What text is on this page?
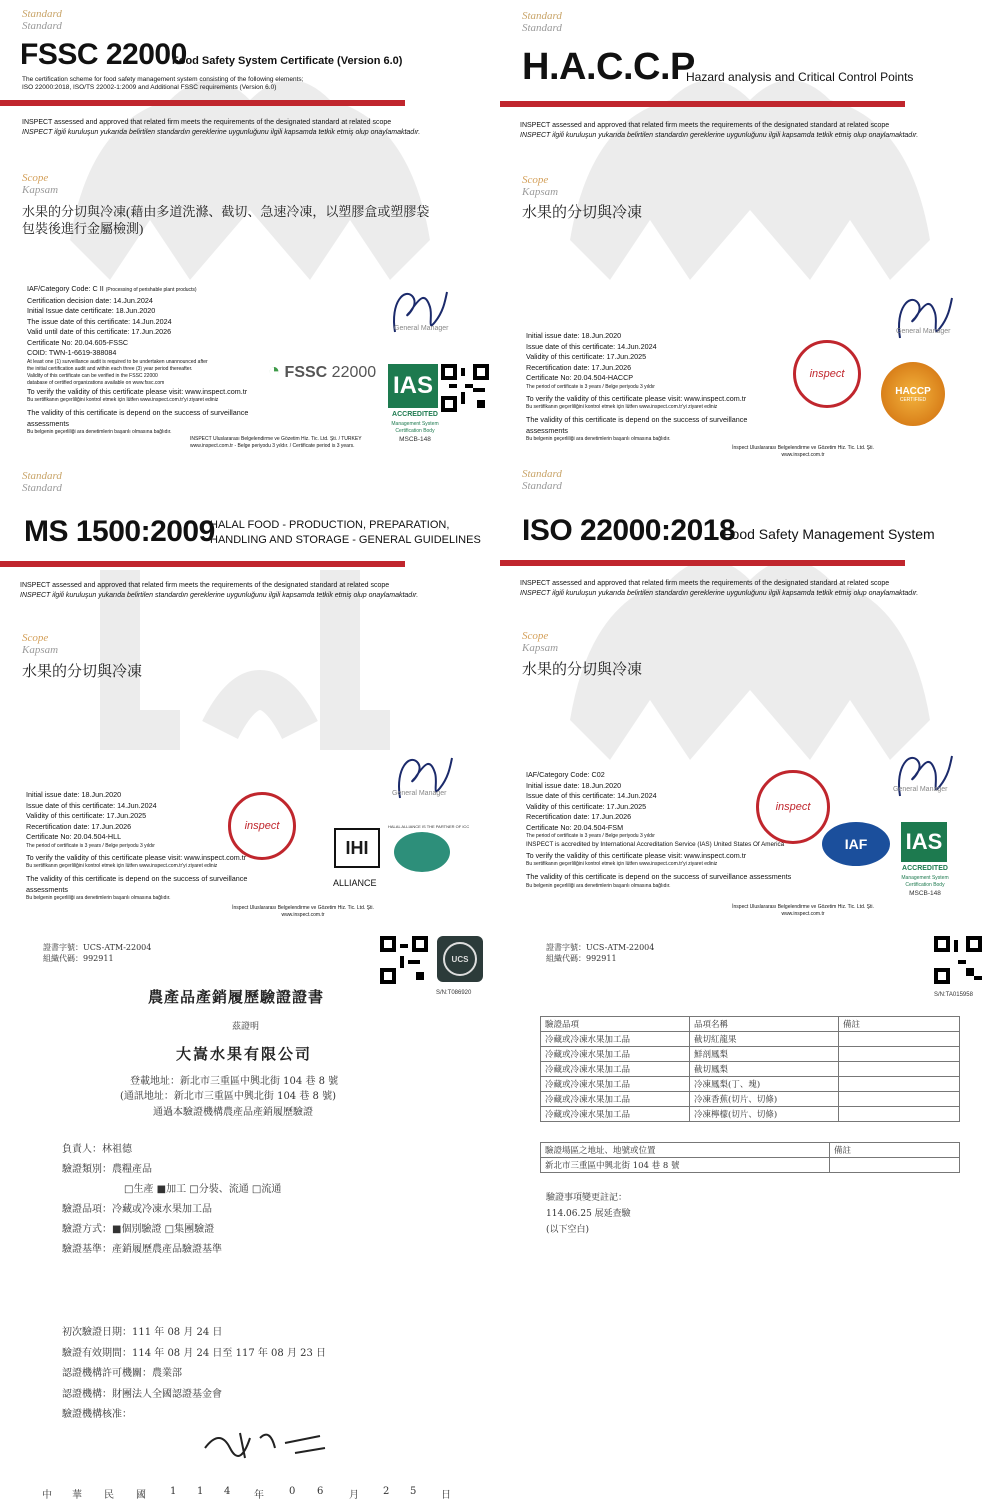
Standard
Standard
FSSC 22000
Food Safety System Certificate (Version 6.0)
The certification scheme for food safety management system consisting of the following elements;
ISO 22000:2018, ISO/TS 22002-1:2009 and Additional FSSC requirements (Version 6.0)
INSPECT assessed and approved that related firm meets the requirements of the designated standard at related scope
INSPECT ilgili kuruluşun yukarıda belirtilen standardın gereklerine uygunluğunu ilgili kapsamda tetkik etmiş olup onaylamaktadır.
Scope
Kapsam
水果的分切與冷凍(藉由多道洗滌、截切、急速冷凍，以塑膠盒或塑膠袋包裝後進行金屬檢測)
IAF/Category Code: C II (Processing of perishable plant products)
Certification decision date: 14.Jun.2024
Initial Issue date certificate: 18.Jun.2020
The issue date of this certificate: 14.Jun.2024
Valid until date of this certificate: 17.Jun.2026
Certificate No: 20.04.605-FSSC
COID: TWN-1-6619-388084
At least one (1) surveillance audit is required to be undertaken unannounced after
the initial certification audit and within each three (3) year period thereafter.
Validity of this certificate can be verified in the FSSC 22000
database of certified organizations available on www.fssc.com
To verify the validity of this certificate please visit: www.inspect.com.tr
Bu sertifikanın geçerliliğini kontrol etmek için lütfen www.inspect.com.tr'yi ziyaret ediniz
The validity of this certificate is depend on the success of surveillance assessments
Bu belgenin geçerliliği ara denetimlerin başarılı olmasına bağlıdır.
INSPECT Uluslararası Belgelendirme ve Gözetim Hiz. Tic. Ltd. Şti. / TURKEY
www.inspect.com.tr - Belge periyodu 3 yıldır. / Certificate period is 3 years.
General Manager
◔ FSSC 22000 IAS
ACCREDITED
Management System
Certification Body
MSCB-148
Standard
Standard
H.A.C.C.P
Hazard analysis and Critical Control Points
INSPECT assessed and approved that related firm meets the requirements of the designated standard at related scope
INSPECT ilgili kuruluşun yukarıda belirtilen standardın gereklerine uygunluğunu ilgili kapsamda tetkik etmiş olup onaylamaktadır.
Scope
Kapsam
水果的分切與冷凍
Initial issue date: 18.Jun.2020
Issue date of this certificate: 14.Jun.2024
Validity of this certificate: 17.Jun.2025
Recertification date: 17.Jun.2026
Certificate No: 20.04.504-HACCP
The period of certificate is 3 years / Belge periyodu 3 yıldır
To verify the validity of this certificate please visit: www.inspect.com.tr
Bu sertifikanın geçerliliğini kontrol etmek için lütfen www.inspect.com.tr'yi ziyaret ediniz
The validity of this certificate is depend on the success of surveillance assessments
Bu belgenin geçerliliği ara denetimlerin başarılı olmasına bağlıdır.
İnspect Uluslararası Belgelendirme ve Gözetim Hiz. Tic. Ltd. Şti.
www.inspect.com.tr
General Manager
inspect
HACCP
CERTIFIED
Standard
Standard
MS 1500:2009
HALAL FOOD - PRODUCTION, PREPARATION,
HANDLING AND STORAGE - GENERAL GUIDELINES
INSPECT assessed and approved that related firm meets the requirements of the designated standard at related scope
INSPECT ilgili kuruluşun yukarıda belirtilen standardın gereklerine uygunluğunu ilgili kapsamda tetkik etmiş olup onaylamaktadır.
Scope
Kapsam
水果的分切與冷凍
Initial issue date: 18.Jun.2020
Issue date of this certificate: 14.Jun.2024
Validity of this certificate: 17.Jun.2025
Recertification date: 17.Jun.2026
Certificate No: 20.04.504-HLL
The period of certificate is 3 years / Belge periyodu 3 yıldır
To verify the validity of this certificate please visit: www.inspect.com.tr
Bu sertifikanın geçerliliğini kontrol etmek için lütfen www.inspect.com.tr'yi ziyaret ediniz
The validity of this certificate is depend on the success of surveillance assessments
Bu belgenin geçerliliği ara denetimlerin başarılı olmasına bağlıdır.
İnspect Uluslararası Belgelendirme ve Gözetim Hiz. Tic. Ltd. Şti.
www.inspect.com.tr
General Manager
inspect
IHI
ALLIANCE
HALAL ALLIANCE IS THE PARTNER OF ICC
Standard
Standard
ISO 22000:2018
Food Safety Management System
INSPECT assessed and approved that related firm meets the requirements of the designated standard at related scope
INSPECT ilgili kuruluşun yukarıda belirtilen standardın gereklerine uygunluğunu ilgili kapsamda tetkik etmiş olup onaylamaktadır.
Scope
Kapsam
水果的分切與冷凍
IAF/Category Code: C02
Initial issue date: 18.Jun.2020
Issue date of this certificate: 14.Jun.2024
Validity of this certificate: 17.Jun.2025
Recertification date: 17.Jun.2026
Certificate No: 20.04.504-FSM
The period of certificate is 3 years / Belge periyodu 3 yıldır
INSPECT is accredited by International Accreditation Service (IAS) United States Of America
To verify the validity of this certificate please visit: www.inspect.com.tr
Bu sertifikanın geçerliliğini kontrol etmek için lütfen www.inspect.com.tr'yi ziyaret ediniz
The validity of this certificate is depend on the success of surveillance assessments
Bu belgenin geçerliliği ara denetimlerin başarılı olmasına bağlıdır.
İnspect Uluslararası Belgelendirme ve Gözetim Hiz. Tic. Ltd. Şti.
www.inspect.com.tr
General Manager
inspect
IAF	IAS
ACCREDITED
Management System
Certification Body
MSCB-148
證書字號：UCS-ATM-22004
組織代碼：992911	UCS
S/N:T086920
農產品產銷履歷驗證證書
茲證明
大嵩水果有限公司
登載地址：新北市三重區中興北街 104 巷 8 號
(通訊地址：新北市三重區中興北街 104 巷 8 號)
通過本驗證機構農產品產銷履歷驗證
負責人：林祖德
驗證類別：農糧產品
□生產 ■加工 □分裝、流通 □流通
驗證品項：冷藏或冷凍水果加工品
驗證方式：■個別驗證 □集團驗證
驗證基準：產銷履歷農產品驗證基準
初次驗證日期：111 年 08 月 24 日
驗證有效期間：114 年 08 月 24 日至 117 年 08 月 23 日
認證機構許可機關：農業部
認證機構：財團法人全國認證基金會
驗證機構核准：
中 華 民 國 1 1 4 年	0 6	月 2 5 日
證書字號：UCS-ATM-22004
組織代碼：992911
S/N:TA015958
驗證品項	品項名稱	備註
冷藏或冷凍水果加工品	截切紅龍果	
冷藏或冷凍水果加工品	鮮剖鳳梨	
冷藏或冷凍水果加工品	截切鳳梨	
冷藏或冷凍水果加工品	冷凍鳳梨(丁、塊)	
冷藏或冷凍水果加工品	冷凍香蕉(切片、切條)	
冷藏或冷凍水果加工品	冷凍檸檬(切片、切條)	
驗證場區之地址、地號或位置	備註
新北市三重區中興北街 104 巷 8 號	
驗證事項變更註記：
114.06.25 展延查驗
(以下空白)
